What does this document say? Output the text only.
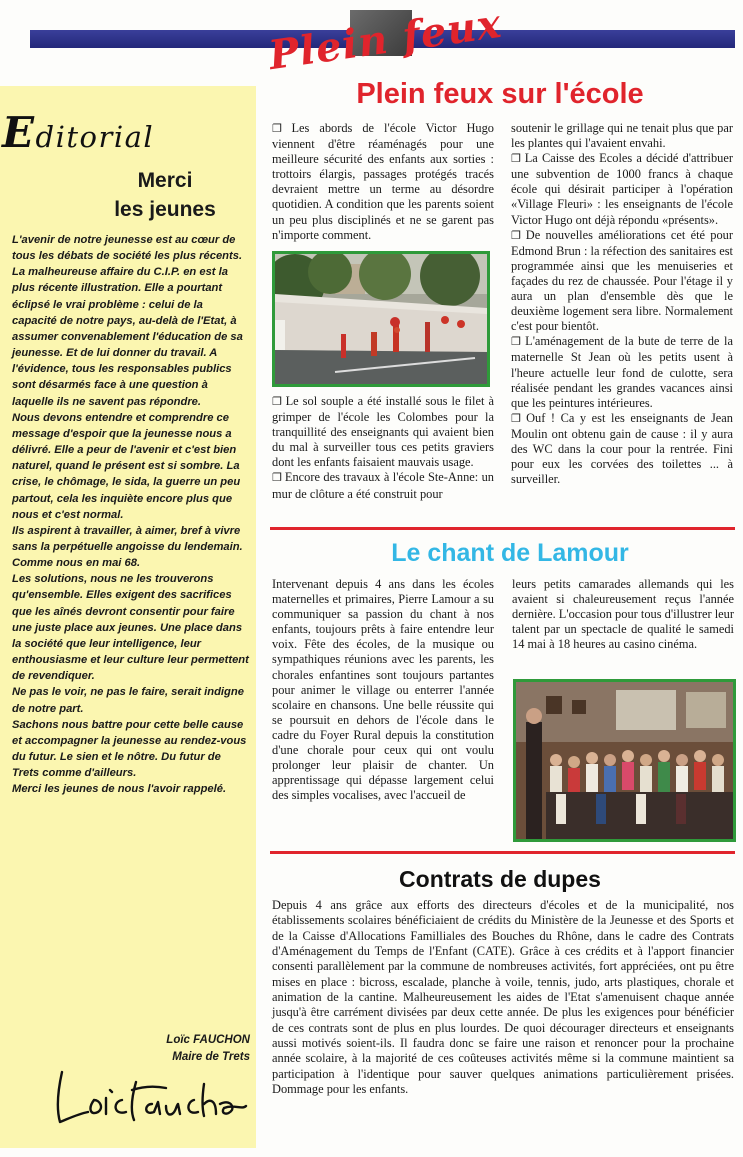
Plein feux
Editorial
Merci
les jeunes

L'avenir de notre jeunesse est au cœur de tous les débats de société les plus récents. La malheureuse affaire du C.I.P. en est la plus récente illustration. Elle a pourtant éclipsé le vrai problème : celui de la capacité de notre pays, au-delà de l'Etat, à assumer convenablement l'éducation de sa jeunesse. Et de lui donner du travail. A l'évidence, tous les responsables publics sont désarmés face à une question à laquelle ils ne savent pas répondre.

Nous devons entendre et comprendre ce message d'espoir que la jeunesse nous a délivré. Elle a peur de l'avenir et c'est bien naturel, quand le présent est si sombre. La crise, le chômage, le sida, la guerre un peu partout, cela les inquiète encore plus que nous et c'est normal.

Ils aspirent à travailler, à aimer, bref à vivre sans la perpétuelle angoisse du lendemain. Comme nous en mai 68.

Les solutions, nous ne les trouverons qu'ensemble. Elles exigent des sacrifices que les aînés devront consentir pour faire une juste place aux jeunes. Une place dans la société que leur intelligence, leur enthousiasme et leur culture leur permettent de revendiquer.

Ne pas le voir, ne pas le faire, serait indigne de notre part.

Sachons nous battre pour cette belle cause et accompagner la jeunesse au rendez-vous du futur. Le sien et le nôtre. Du futur de Trets comme d'ailleurs.

Merci les jeunes de nous l'avoir rappelé.

Loïc FAUCHON
Maire de Trets
Plein feux sur l'école

❐ Les abords de l'école Victor Hugo viennent d'être réaménagés pour une meilleure sécurité des enfants aux sorties : trottoirs élargis, passages protégés tracés devraient mettre un terme au désordre quotidien. A condition que les parents soient un peu plus disciplinés et ne se garent pas n'importe comment.

❐ Le sol souple a été installé sous le filet à grimper de l'école les Colombes pour la tranquillité des enseignants qui avaient bien du mal à surveiller tous ces petits graviers dont les enfants faisaient mauvais usage.

❐ Encore des travaux à l'école Ste-Anne: un mur de clôture a été construit pour

soutenir le grillage qui ne tenait plus que par les plantes qui l'avaient envahi.

❐ La Caisse des Ecoles a décidé d'attribuer une subvention de 1000 francs à chaque école qui désirait participer à l'opération «Village Fleuri» : les enseignants de l'école Victor Hugo ont déjà répondu «présents».

❐ De nouvelles améliorations cet été pour Edmond Brun : la réfection des sanitaires est programmée ainsi que les menuiseries et façades du rez de chaussée. Pour l'étage il y aura un plan d'ensemble dès que le deuxième logement sera libre. Normalement c'est pour bientôt.

❐ L'aménagement de la bute de terre de la maternelle St Jean où les petits usent à l'heure actuelle leur fond de culotte, sera réalisée pendant les grandes vacances ainsi que les peintures intérieures.

❐ Ouf ! Ca y est les enseignants de Jean Moulin ont obtenu gain de cause : il y aura des WC dans la cour pour la rentrée. Fini pour eux les corvées des toilettes ... à surveiller.

Le chant de Lamour

Intervenant depuis 4 ans dans les écoles maternelles et primaires, Pierre Lamour a su communiquer sa passion du chant à nos enfants, toujours prêts à faire entendre leur voix. Fête des écoles, de la musique ou sympathiques réunions avec les parents, les chorales enfantines sont toujours partantes pour animer le village ou enterrer l'année scolaire en chansons. Une belle réussite qui se poursuit en dehors de l'école dans le cadre du Foyer Rural depuis la constitution d'une chorale pour ceux qui ont voulu prolonger leur plaisir de chanter. Un apprentissage qui dépasse largement celui des simples vocalises, avec l'accueil de

leurs petits camarades allemands qui les avaient si chaleureusement reçus l'année dernière. L'occasion pour tous d'illustrer leur talent par un spectacle de qualité le samedi 14 mai à 18 heures au casino cinéma.

Contrats de dupes

Depuis 4 ans grâce aux efforts des directeurs d'écoles et de la municipalité, nos établissements scolaires bénéficiaient de crédits du Ministère de la Jeunesse et des Sports et de la Caisse d'Allocations Familliales des Bouches du Rhône, dans le cadre des Contrats d'Aménagement du Temps de l'Enfant (CATE). Grâce à ces crédits et à l'apport financier consenti parallèlement par la commune de nombreuses activités, fort appréciées, ont pu être mises en place : bicross, escalade, planche à voile, tennis, judo, arts plastiques, chorale et animation de la cantine. Malheureusement les aides de l'Etat s'amenuisent chaque année jusqu'à être carrément divisées par deux cette année. De plus les exigences pour bénéficier de ces contrats sont de plus en plus lourdes. De quoi décourager directeurs et enseignants aussi motivés soient-ils. Il faudra donc se faire une raison et renoncer pour la prochaine année scolaire, à la majorité de ces coûteuses activités même si la commune maintient sa participation à l'identique pour sauver quelques animations particulièrement prisées. Dommage pour les enfants.
